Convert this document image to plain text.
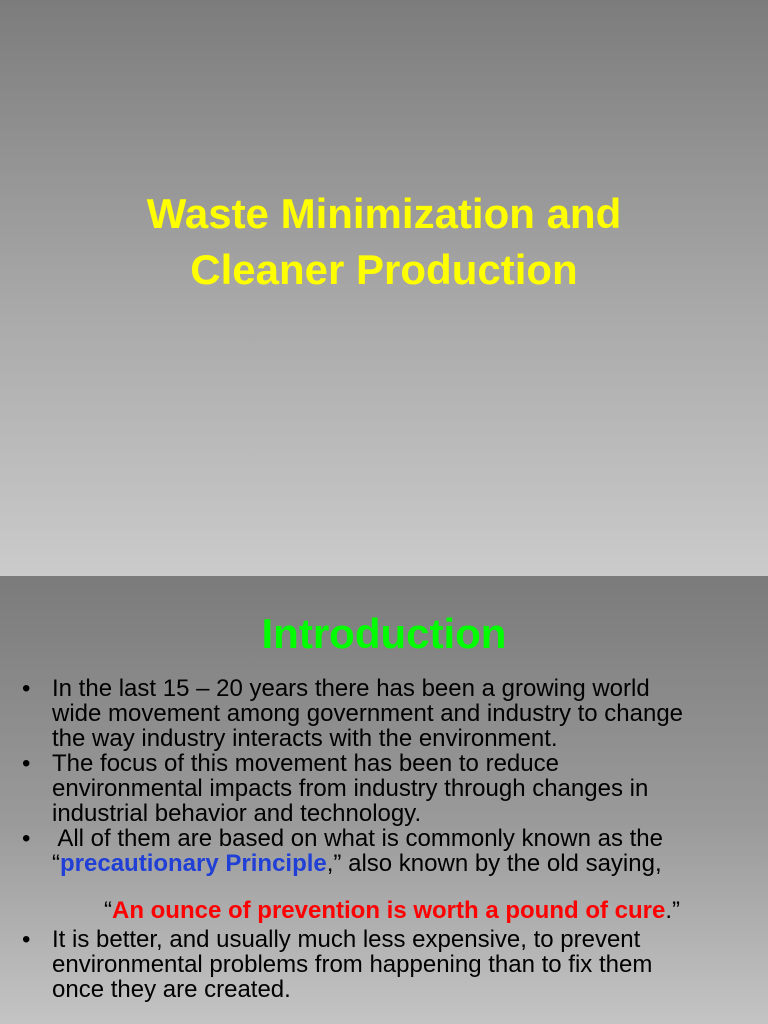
Waste Minimization and
Cleaner Production
Introduction
• In the last 15 – 20 years there has been a growing world
wide movement among government and industry to change
the way industry interacts with the environment.
• The focus of this movement has been to reduce
environmental impacts from industry through changes in
industrial behavior and technology.
• All of them are based on what is commonly known as the
“precautionary Principle,” also known by the old saying,
“An ounce of prevention is worth a pound of cure.”
• It is better, and usually much less expensive, to prevent
environmental problems from happening than to fix them
once they are created.
